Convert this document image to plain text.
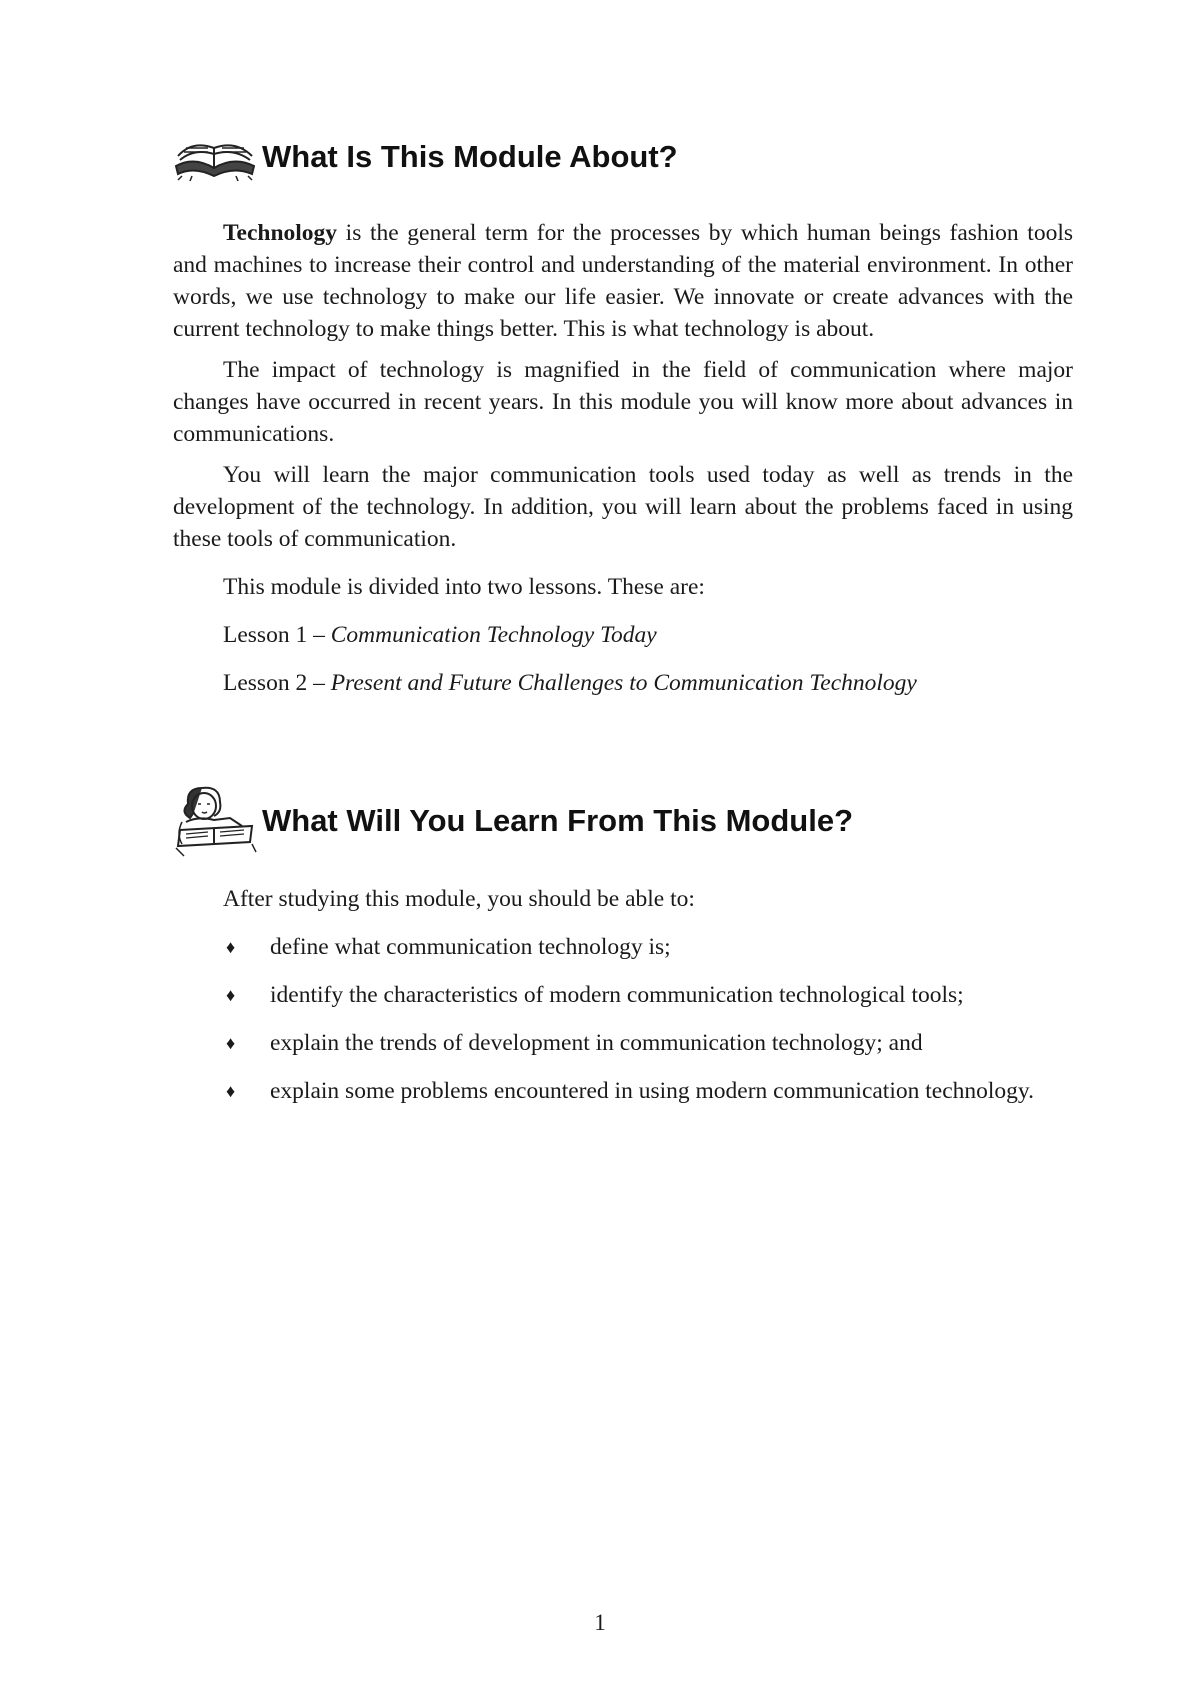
What Is This Module About?

Technology is the general term for the processes by which human beings fashion tools and machines to increase their control and understanding of the material environment. In other words, we use technology to make our life easier. We innovate or create advances with the current technology to make things better. This is what technology is about.

The impact of technology is magnified in the field of communication where major changes have occurred in recent years. In this module you will know more about advances in communications.

You will learn the major communication tools used today as well as trends in the development of the technology. In addition, you will learn about the problems faced in using these tools of communication.

This module is divided into two lessons. These are:

Lesson 1 – Communication Technology Today

Lesson 2 – Present and Future Challenges to Communication Technology

What Will You Learn From This Module?

After studying this module, you should be able to:

♦ define what communication technology is;
♦ identify the characteristics of modern communication technological tools;
♦ explain the trends of development in communication technology; and
♦ explain some problems encountered in using modern communication technology.
1
